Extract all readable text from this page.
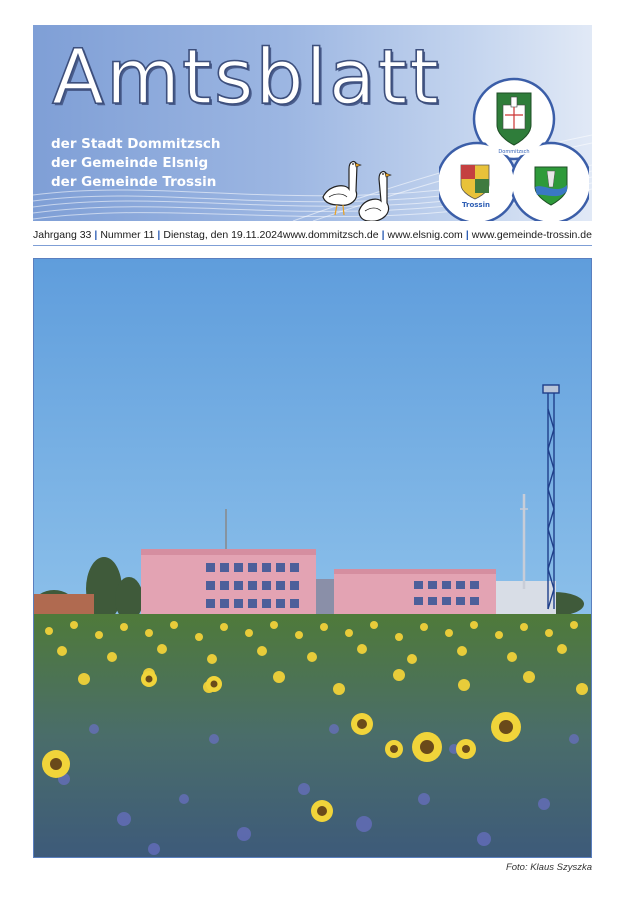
Amtsblatt
der Stadt Dommitzsch
der Gemeinde Elsnig
der Gemeinde Trossin
Dommitzsch
Trossin
Jahrgang 33 | Nummer 11 | Dienstag, den 19.11.2024 www.dommitzsch.de | www.elsnig.com | www.gemeinde-trossin.de
Foto: Klaus Szyszka
